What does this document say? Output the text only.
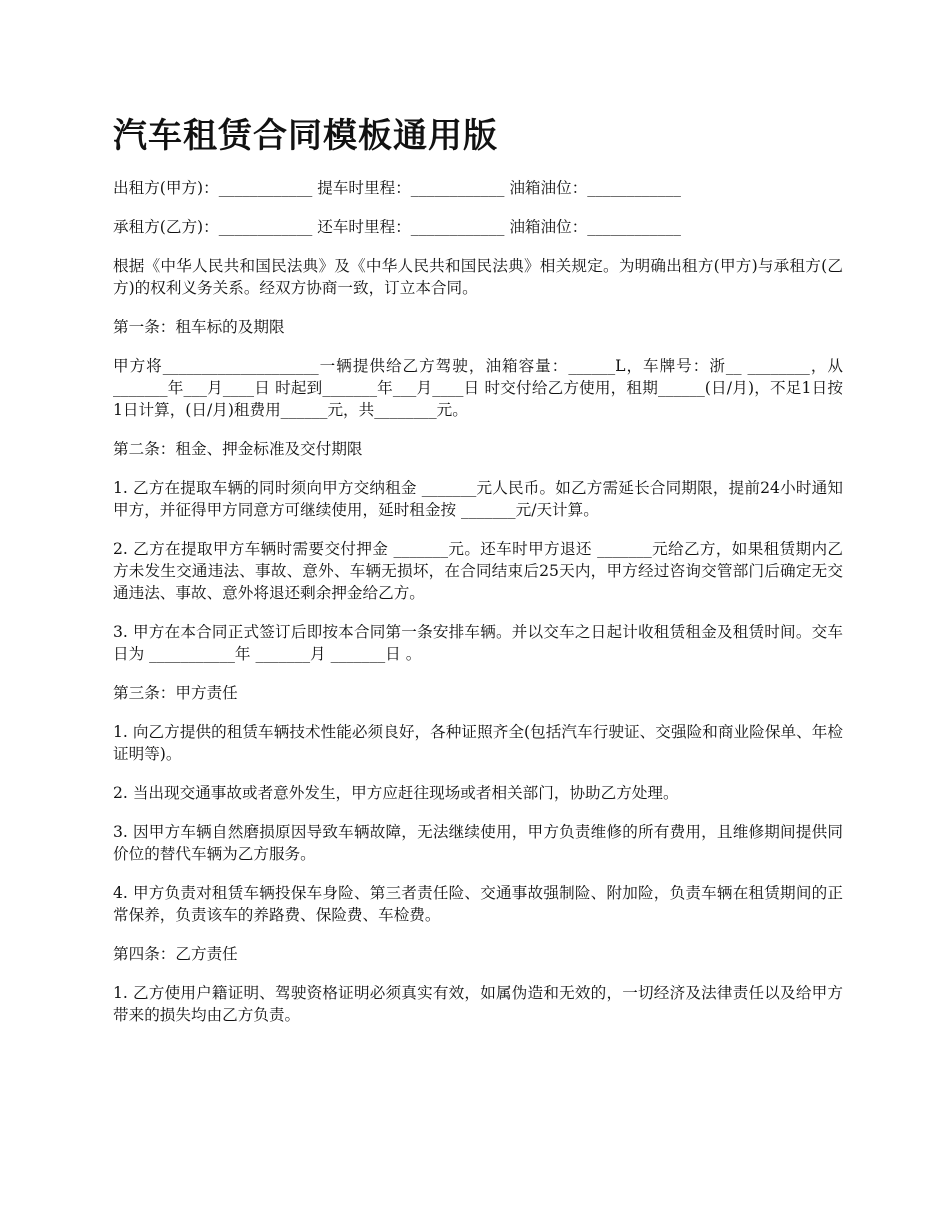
汽车租赁合同模板通用版

出租方(甲方)：____________ 提车时里程：____________ 油箱油位：____________

承租方(乙方)：____________ 还车时里程：____________ 油箱油位：____________

根据《中华人民共和国民法典》及《中华人民共和国民法典》相关规定。为明确出租方(甲方)与承租方(乙方)的权利义务关系。经双方协商一致，订立本合同。

第一条：租车标的及期限

甲方将____________________一辆提供给乙方驾驶，油箱容量：______L，车牌号：浙__ ________，从_______年___月____日 时起到_______年___月____日 时交付给乙方使用，租期______(日/月)，不足1日按1日计算，(日/月)租费用______元，共________元。

第二条：租金、押金标准及交付期限

1. 乙方在提取车辆的同时须向甲方交纳租金 _______元人民币。如乙方需延长合同期限，提前24小时通知甲方，并征得甲方同意方可继续使用，延时租金按 _______元/天计算。

2. 乙方在提取甲方车辆时需要交付押金 _______元。还车时甲方退还 _______元给乙方，如果租赁期内乙方未发生交通违法、事故、意外、车辆无损坏，在合同结束后25天内，甲方经过咨询交管部门后确定无交通违法、事故、意外将退还剩余押金给乙方。

3. 甲方在本合同正式签订后即按本合同第一条安排车辆。并以交车之日起计收租赁租金及租赁时间。交车日为 ___________年 _______月 _______日 。

第三条：甲方责任

1. 向乙方提供的租赁车辆技术性能必须良好，各种证照齐全(包括汽车行驶证、交强险和商业险保单、年检证明等)。

2. 当出现交通事故或者意外发生，甲方应赶往现场或者相关部门，协助乙方处理。

3. 因甲方车辆自然磨损原因导致车辆故障，无法继续使用，甲方负责维修的所有费用，且维修期间提供同价位的替代车辆为乙方服务。

4. 甲方负责对租赁车辆投保车身险、第三者责任险、交通事故强制险、附加险，负责车辆在租赁期间的正常保养，负责该车的养路费、保险费、车检费。

第四条：乙方责任

1. 乙方使用户籍证明、驾驶资格证明必须真实有效，如属伪造和无效的，一切经济及法律责任以及给甲方带来的损失均由乙方负责。
